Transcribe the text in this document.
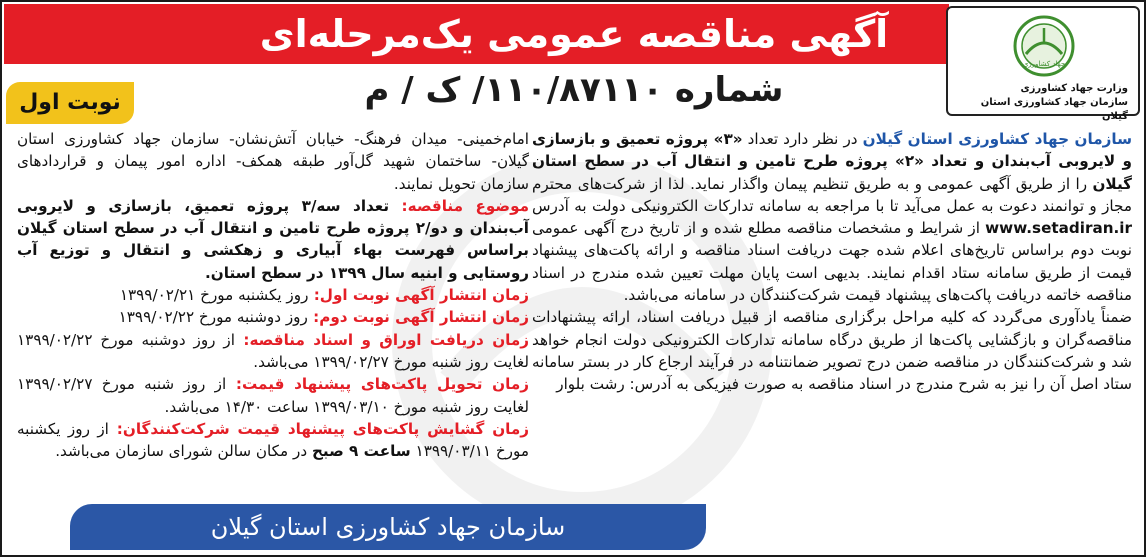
آگهی مناقصه عمومی یک‌مرحله‌ای
شماره ۱۱۰/۸۷۱۱۰/ ک / م
جهاد کشاورزی
وزارت جهاد کشاورزی
سازمان جهاد کشاورزی استان گیلان
نوبت اول

سازمان جهاد کشاورزی استان گیلان در نظر دارد تعداد «۳» پروژه تعمیق و بازسازی و لایروبی آب‌بندان و تعداد «۲» پروژه طرح تامین و انتقال آب در سطح استان گیلان را از طریق آگهی عمومی و به طریق تنظیم پیمان واگذار نماید. لذا از شرکت‌های محترم مجاز و توانمند دعوت به عمل می‌آید تا با مراجعه به سامانه تدارکات الکترونیکی دولت به آدرس www.setadiran.ir از شرایط و مشخصات مناقصه مطلع شده و از تاریخ درج آگهی عمومی نوبت دوم براساس تاریخ‌های اعلام شده جهت دریافت اسناد مناقصه و ارائه پاکت‌های پیشنهاد قیمت از طریق سامانه ستاد اقدام نمایند. بدیهی است پایان مهلت تعیین شده مندرج در اسناد مناقصه خاتمه دریافت پاکت‌های پیشنهاد قیمت شرکت‌کنندگان در سامانه می‌باشد.

ضمناً یادآوری می‌گردد که کلیه مراحل برگزاری مناقصه از قبیل دریافت اسناد، ارائه پیشنهادات مناقصه‌گران و بازگشایی پاکت‌ها از طریق درگاه سامانه تدارکات الکترونیکی دولت انجام خواهد شد و شرکت‌کنندگان در مناقصه ضمن درج تصویر ضمانتنامه در فرآیند ارجاع کار در بستر سامانه ستاد اصل آن را نیز به شرح مندرج در اسناد مناقصه به صورت فیزیکی به آدرس: رشت بلوار

امام‌خمینی- میدان فرهنگ- خیابان آتش‌نشان- سازمان جهاد کشاورزی استان گیلان- ساختمان شهید گل‌آور طبقه همکف- اداره امور پیمان و قراردادهای سازمان تحویل نمایند.

موضوع مناقصه: تعداد سه/۳ پروژه تعمیق، بازسازی و لایروبی آب‌بندان و دو/۲ پروژه طرح تامین و انتقال آب در سطح استان گیلان براساس فهرست بهاء آبیاری و زهکشی و انتقال و توزیع آب روستایی و ابنیه سال ۱۳۹۹ در سطح استان.

زمان انتشار آگهی نوبت اول: روز یکشنبه مورخ ۱۳۹۹/۰۲/۲۱

زمان انتشار آگهی نوبت دوم: روز دوشنبه مورخ ۱۳۹۹/۰۲/۲۲

زمان دریافت اوراق و اسناد مناقصه: از روز دوشنبه مورخ ۱۳۹۹/۰۲/۲۲ لغایت روز شنبه مورخ ۱۳۹۹/۰۲/۲۷ می‌باشد.

زمان تحویل پاکت‌های پیشنهاد قیمت: از روز شنبه مورخ ۱۳۹۹/۰۲/۲۷ لغایت روز شنبه مورخ ۱۳۹۹/۰۳/۱۰ ساعت ۱۴/۳۰ می‌باشد.

زمان گشایش پاکت‌های پیشنهاد قیمت شرکت‌کنندگان: از روز یکشنبه مورخ ۱۳۹۹/۰۳/۱۱ ساعت ۹ صبح در مکان سالن شورای سازمان می‌باشد.

سازمان جهاد کشاورزی استان گیلان
